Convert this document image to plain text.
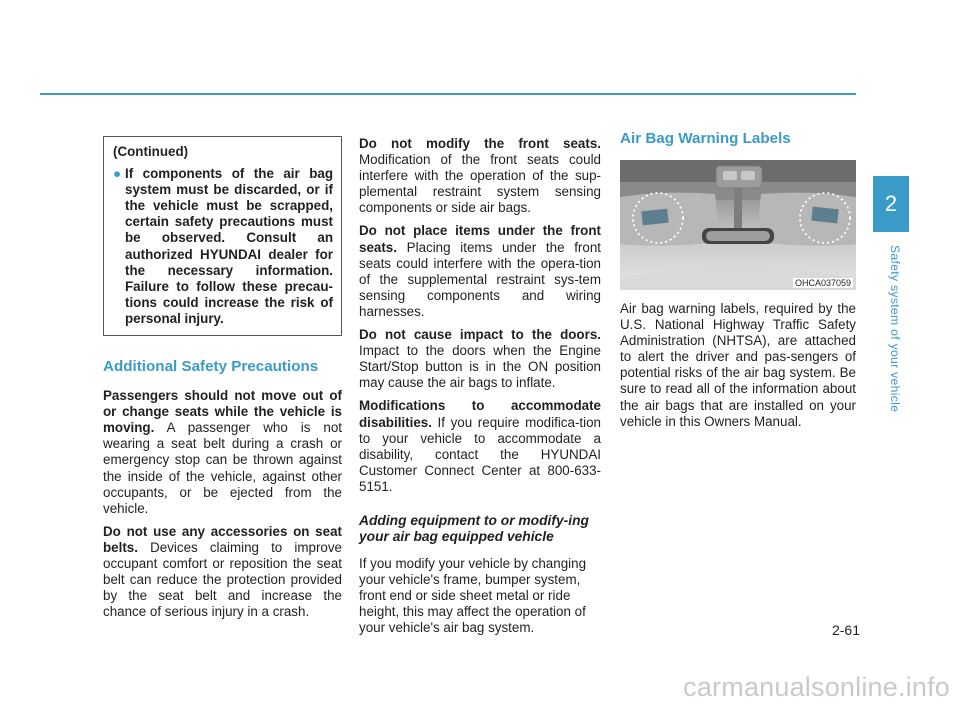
(Continued)
● If components of the air bag system must be discarded, or if the vehicle must be scrapped, certain safety precautions must be observed. Consult an authorized HYUNDAI dealer for the necessary information. Failure to follow these precau-tions could increase the risk of personal injury.
Additional Safety Precautions

Passengers should not move out of or change seats while the vehicle is moving. A passenger who is not wearing a seat belt during a crash or emergency stop can be thrown against the inside of the vehicle, against other occupants, or be ejected from the vehicle.

Do not use any accessories on seat belts. Devices claiming to improve occupant comfort or reposition the seat belt can reduce the protection provided by the seat belt and increase the chance of serious injury in a crash.

Do not modify the front seats. Modification of the front seats could interfere with the operation of the sup-plemental restraint system sensing components or side air bags.

Do not place items under the front seats. Placing items under the front seats could interfere with the opera-tion of the supplemental restraint sys-tem sensing components and wiring harnesses.

Do not cause impact to the doors. Impact to the doors when the Engine Start/Stop button is in the ON position may cause the air bags to inflate.

Modifications to accommodate disabilities. If you require modifica-tion to your vehicle to accommodate a disability, contact the HYUNDAI Customer Connect Center at 800-633-5151.

Adding equipment to or modify-ing your air bag equipped vehicle

If you modify your vehicle by changing your vehicle's frame, bumper system, front end or side sheet metal or ride height, this may affect the operation of your vehicle's air bag system.

Air Bag Warning Labels
OHCA037059

Air bag warning labels, required by the U.S. National Highway Traffic Safety Administration (NHTSA), are attached to alert the driver and pas-sengers of potential risks of the air bag system. Be sure to read all of the information about the air bags that are installed on your vehicle in this Owners Manual.

2
Safety system of your vehicle
2-61
carmanualsonline.info
